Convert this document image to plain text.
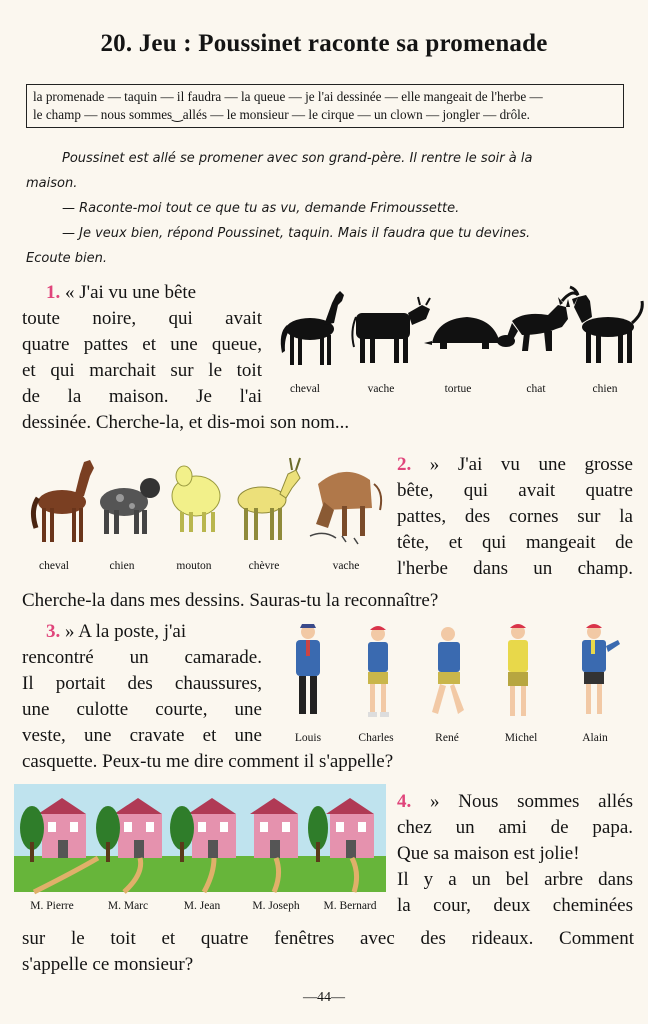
20. Jeu : Poussinet raconte sa promenade
la promenade — taquin — il faudra — la queue — je l'ai dessinée — elle mangeait de l'herbe —
le champ — nous sommes‿allés — le monsieur — le cirque — un clown — jongler — drôle.
Poussinet est allé se promener avec son grand-père. Il rentre le soir à la
maison.
— Raconte-moi tout ce que tu as vu, demande Frimoussette.
— Je veux bien, répond Poussinet, taquin. Mais il faudra que tu devines.
Ecoute bien.
1. « J'ai vu une bête
toute noire, qui avait
quatre pattes et une queue,
et qui marchait sur le toit
de la maison. Je l'ai
dessinée. Cherche-la, et dis-moi son nom...
cheval	vache	tortue	chat	chien
cheval	chien	mouton	chèvre	vache
2. » J'ai vu une grosse
bête, qui avait quatre
pattes, des cornes sur la
tête, et qui mangeait de
l'herbe dans un champ.
Cherche-la dans mes dessins. Sauras-tu la reconnaître?
3. » A la poste, j'ai
rencontré un camarade.
Il portait des chaussures,
une culotte courte, une
veste, une cravate et une
casquette. Peux-tu me dire comment il s'appelle?
Louis	Charles	René	Michel	Alain
M. Pierre	M. Marc	M. Jean	M. Joseph	M. Bernard
4. » Nous sommes allés
chez un ami de papa.
Que sa maison est jolie!
Il y a un bel arbre dans
la cour, deux cheminées
sur le toit et quatre fenêtres avec des rideaux. Comment
s'appelle ce monsieur?
—44—
